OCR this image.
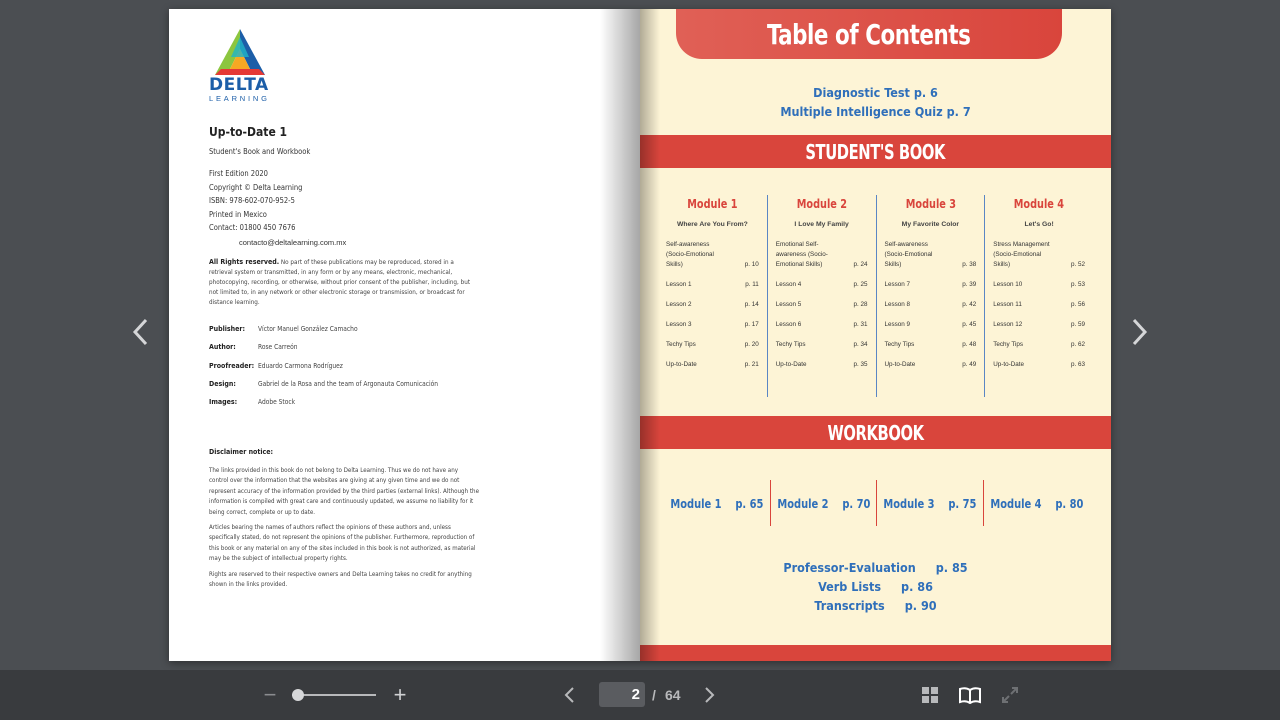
DELTA
LEARNING
Up-to-Date 1
Student's Book and Workbook
First Edition 2020
Copyright © Delta Learning
ISBN: 978-602-070-952-5
Printed in Mexico
Contact: 01800 450 7676
contacto@deltalearning.com.mx
All Rights reserved. No part of these publications may be reproduced, stored in a retrieval system or transmitted, in any form or by any means, electronic, mechanical, photocopying, recording, or otherwise, without prior consent of the publisher, including, but not limited to, in any network or other electronic storage or transmission, or broadcast for distance learning.
Publisher:	Víctor Manuel González Camacho
Author:	Rose Carreón
Proofreader: Eduardo Carmona Rodríguez
Design:	Gabriel de la Rosa and the team of Argonauta Comunicación
Images:	Adobe Stock
Disclaimer notice:

The links provided in this book do not belong to Delta Learning. Thus we do not have any control over the information that the websites are giving at any given time and we do not represent accuracy of the information provided by the third parties (external links). Although the information is compiled with great care and continuously updated, we assume no liability for it being correct, complete or up to date.

Articles bearing the names of authors reflect the opinions of these authors and, unless specifically stated, do not represent the opinions of the publisher. Furthermore, reproduction of this book or any material on any of the sites included in this book is not authorized, as material may be the subject of intellectual property rights.

Rights are reserved to their respective owners and Delta Learning takes no credit for anything shown in the links provided.

Table of Contents
Diagnostic Test p. 6
Multiple Intelligence Quiz p. 7
STUDENT'S BOOK
Module 1
Where Are You From?
Self-awareness (Socio-Emotional Skills)	p. 10
Lesson 1	p. 11
Lesson 2	p. 14
Lesson 3	p. 17
Techy Tips	p. 20
Up-to-Date	p. 21
Module 2
I Love My Family
Emotional Self-awareness (Socio-Emotional Skills)	p. 24
Lesson 4	p. 25
Lesson 5	p. 28
Lesson 6	p. 31
Techy Tips	p. 34
Up-to-Date	p. 35
Module 3
My Favorite Color
Self-awareness (Socio-Emotional Skills)	p. 38
Lesson 7	p. 39
Lesson 8	p. 42
Lesson 9	p. 45
Techy Tips	p. 48
Up-to-Date	p. 49
Module 4
Let's Go!
Stress Management (Socio-Emotional Skills)	p. 52
Lesson 10	p. 53
Lesson 11	p. 56
Lesson 12	p. 59
Techy Tips	p. 62
Up-to-Date	p. 63
WORKBOOK
Module 1    p. 65 Module 2    p. 70 Module 3    p. 75 Module 4    p. 80
Professor-Evaluation p. 85
Verb Lists p. 86
Transcripts p. 90
−	+
2	/ 64
